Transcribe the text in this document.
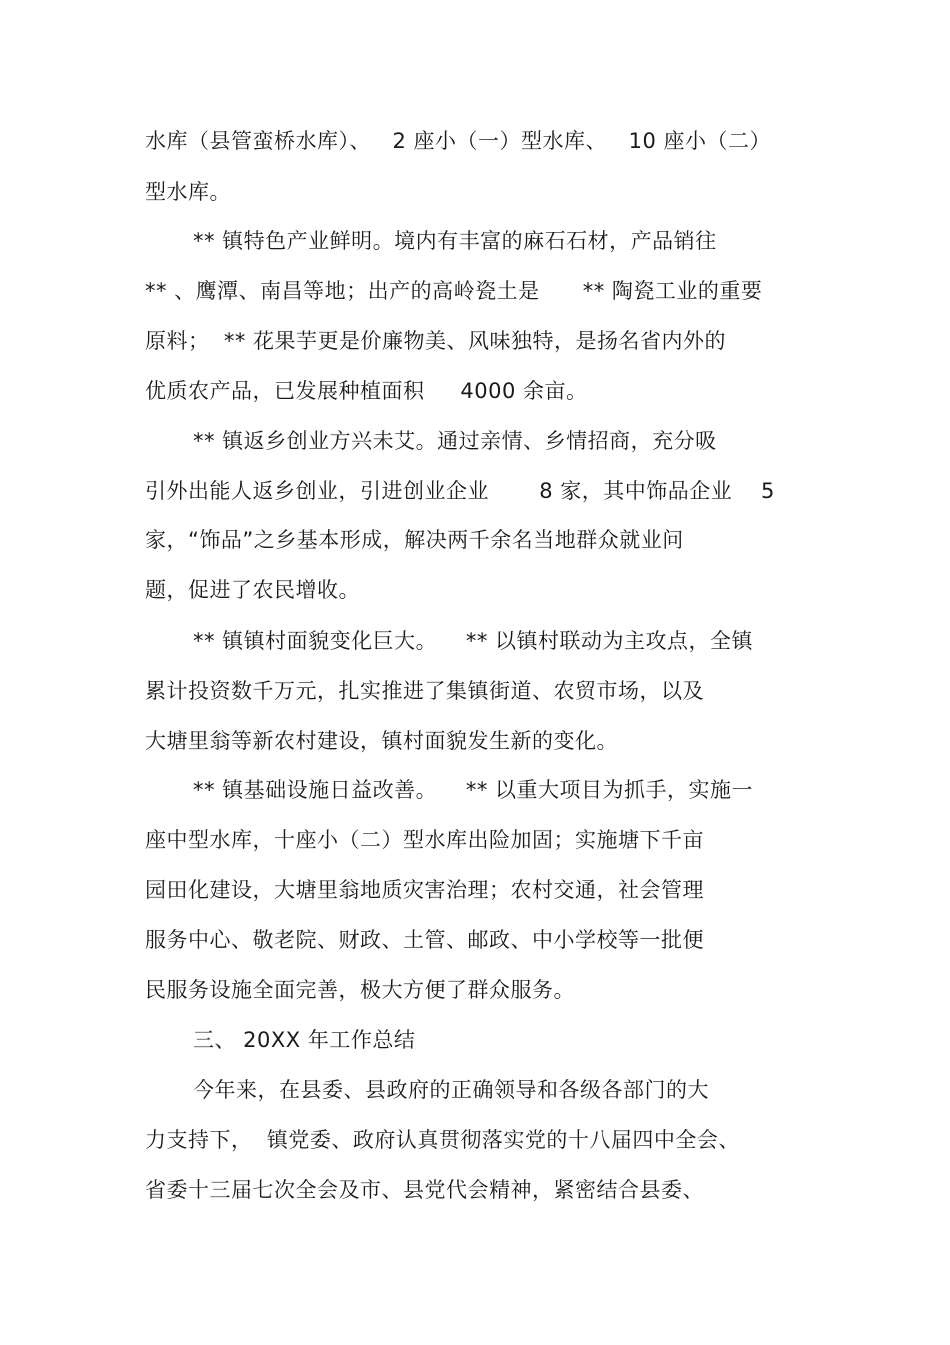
水库（县管蛮桥水库）、   2 座小（一）型水库、   10 座小（二）
型水库。
** 镇特色产业鲜明。境内有丰富的麻石石材，产品销往
** 、鹰潭、南昌等地；出产的高岭瓷土是      ** 陶瓷工业的重要
原料；  ** 花果芋更是价廉物美、风味独特，是扬名省内外的
优质农产品，已发展种植面积     4000 余亩。
** 镇返乡创业方兴未艾。通过亲情、乡情招商，充分吸
引外出能人返乡创业，引进创业企业       8 家，其中饰品企业    5
家，“饰品”之乡基本形成，解决两千余名当地群众就业问
题，促进了农民增收。
** 镇镇村面貌变化巨大。    ** 以镇村联动为主攻点，全镇
累计投资数千万元，扎实推进了集镇街道、农贸市场，以及
大塘里翁等新农村建设，镇村面貌发生新的变化。
** 镇基础设施日益改善。    ** 以重大项目为抓手，实施一
座中型水库，十座小（二）型水库出险加固；实施塘下千亩
园田化建设，大塘里翁地质灾害治理；农村交通，社会管理
服务中心、敬老院、财政、土管、邮政、中小学校等一批便
民服务设施全面完善，极大方便了群众服务。
三、 20XX 年工作总结
今年来，在县委、县政府的正确领导和各级各部门的大
力支持下，  镇党委、政府认真贯彻落实党的十八届四中全会、
省委十三届七次全会及市、县党代会精神，紧密结合县委、
